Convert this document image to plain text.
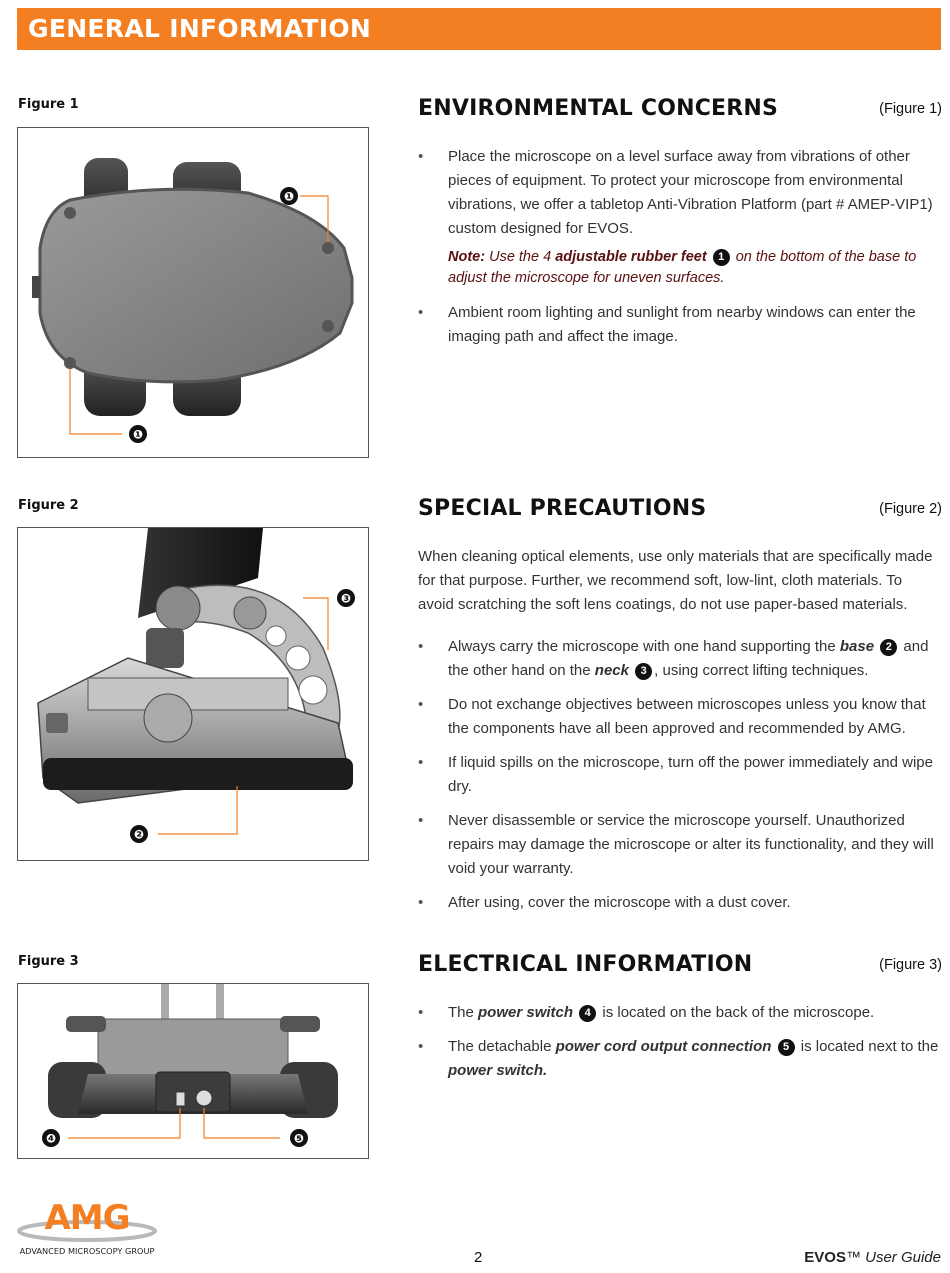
GENERAL INFORMATION
Figure 1
❶
❶
Figure 2
❸
❷
Figure 3
❹	❺
ENVIRONMENTAL CONCERNS	(Figure 1)
• Place the microscope on a level surface away from vibrations of other pieces of equipment. To protect your microscope from environmental vibrations, we offer a tabletop Anti-Vibration Platform (part # AMEP-VIP1) custom designed for EVOS.
Note: Use the 4 adjustable rubber feet 1 on the bottom of the base to adjust the microscope for uneven surfaces.
• Ambient room lighting and sunlight from nearby windows can enter the imaging path and affect the image.
SPECIAL PRECAUTIONS	(Figure 2)
When cleaning optical elements, use only materials that are specifically made for that purpose. Further, we recommend soft, low-lint, cloth materials. To avoid scratching the soft lens coatings, do not use paper-based materials.
• Always carry the microscope with one hand supporting the base 2 and the other hand on the neck 3 , using correct lifting techniques.
• Do not exchange objectives between microscopes unless you know that the components have all been approved and recommended by AMG.
• If liquid spills on the microscope, turn off the power immediately and wipe dry.
• Never disassemble or service the microscope yourself. Unauthorized repairs may damage the microscope or alter its functionality, and they will void your warranty.
• After using, cover the microscope with a dust cover.
ELECTRICAL INFORMATION	(Figure 3)
• The power switch 4 is located on the back of the microscope.
• The detachable power cord output connection 5 is located next to the power switch.
AMG
ADVANCED MICROSCOPY GROUP	2	EVOS™ User Guide
